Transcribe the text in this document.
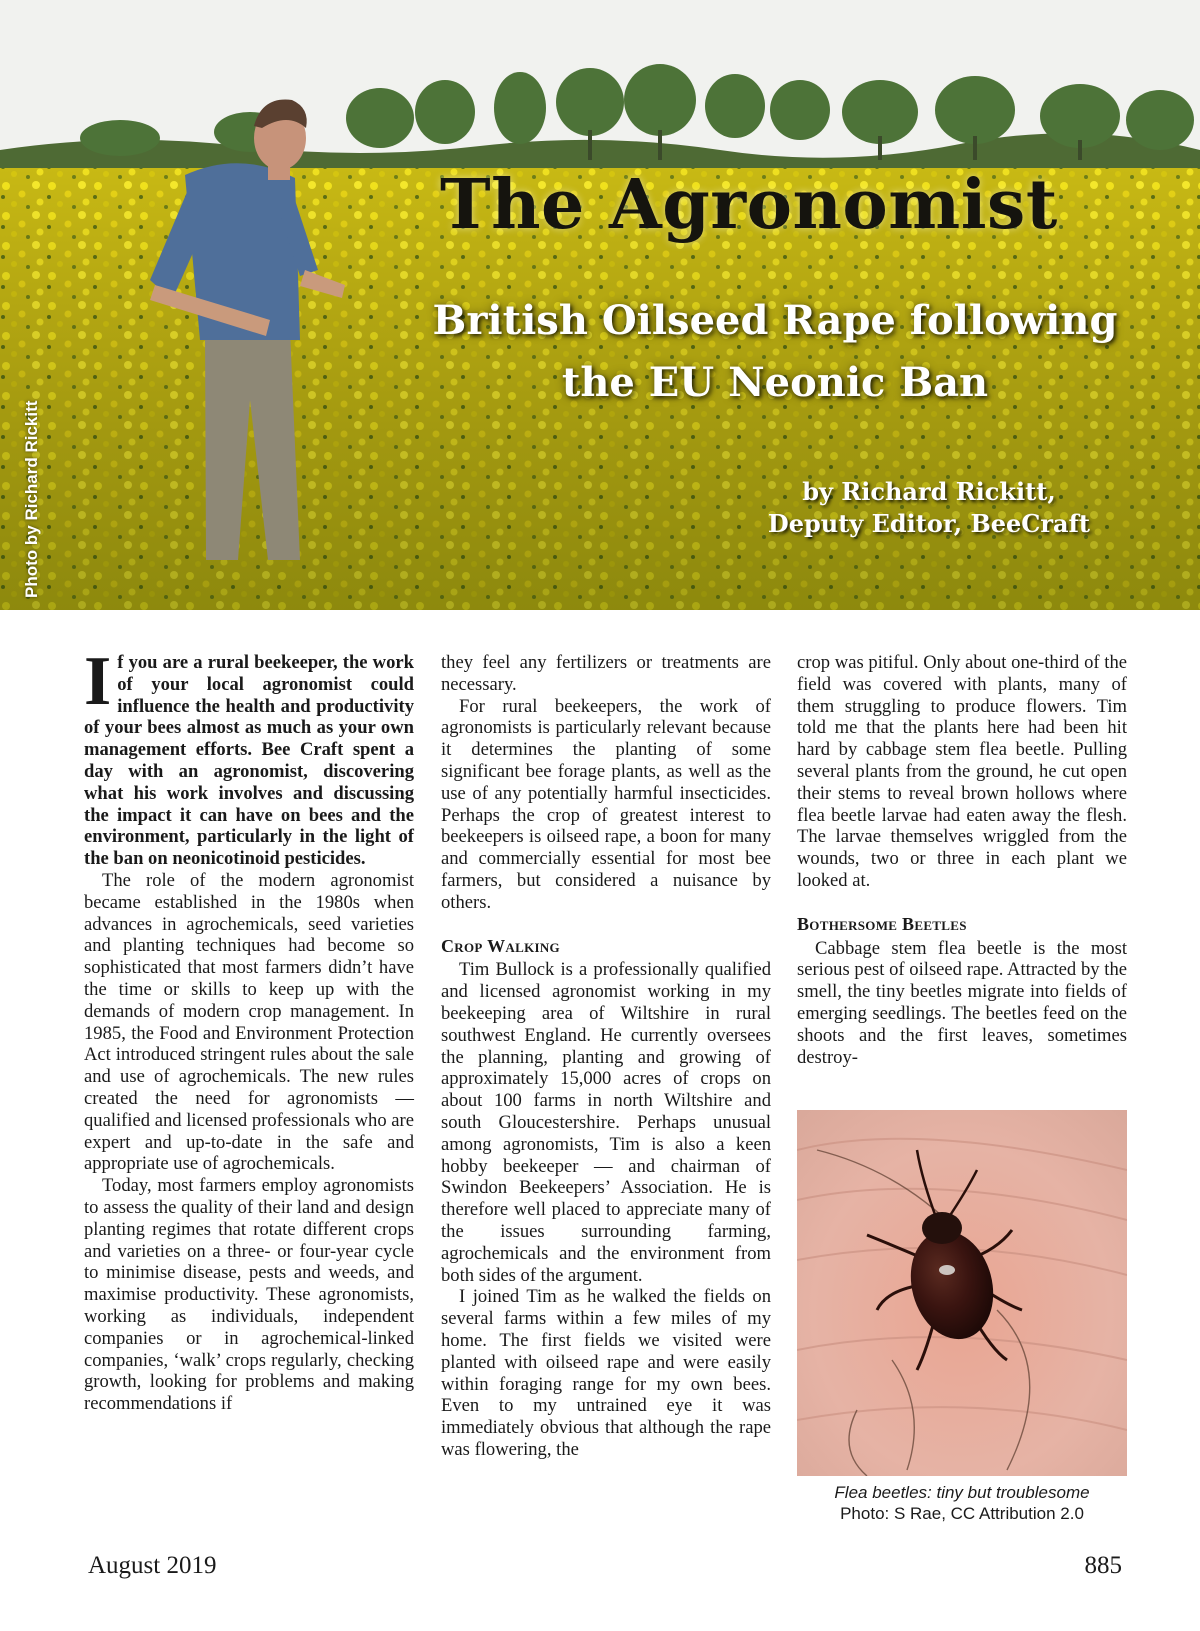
Photo by Richard Rickitt
The Agronomist
British Oilseed Rape following
the EU Neonic Ban
by Richard Rickitt,
Deputy Editor, BeeCraft

If you are a rural beekeeper, the work of your local agronomist could influence the health and productivity of your bees almost as much as your own management efforts. Bee Craft spent a day with an agronomist, discovering what his work involves and discussing the impact it can have on bees and the environment, particularly in the light of the ban on neonicotinoid pesticides.

The role of the modern agronomist became established in the 1980s when advances in agrochemicals, seed varieties and planting techniques had become so sophisticated that most farmers didn’t have the time or skills to keep up with the demands of modern crop management. In 1985, the Food and Environment Protection Act introduced stringent rules about the sale and use of agrochemicals. The new rules created the need for agronomists — qualified and licensed professionals who are expert and up-to-date in the safe and appropriate use of agrochemicals.

Today, most farmers employ agronomists to assess the quality of their land and design planting regimes that rotate different crops and varieties on a three- or four-year cycle to minimise disease, pests and weeds, and maximise productivity. These agronomists, working as individuals, independent companies or in agrochemical-linked companies, ‘walk’ crops regularly, checking growth, looking for problems and making recommendations if

they feel any fertilizers or treatments are necessary.

For rural beekeepers, the work of agronomists is particularly relevant because it determines the planting of some significant bee forage plants, as well as the use of any potentially harmful insecticides. Perhaps the crop of greatest interest to beekeepers is oilseed rape, a boon for many and commercially essential for most bee farmers, but considered a nuisance by others.

Crop Walking

Tim Bullock is a professionally qualified and licensed agronomist working in my beekeeping area of Wiltshire in rural southwest England. He currently oversees the planning, planting and growing of approximately 15,000 acres of crops on about 100 farms in north Wiltshire and south Gloucestershire. Perhaps unusual among agronomists, Tim is also a keen hobby beekeeper — and chairman of Swindon Beekeepers’ Association. He is therefore well placed to appreciate many of the issues surrounding farming, agrochemicals and the environment from both sides of the argument.

I joined Tim as he walked the fields on several farms within a few miles of my home. The first fields we visited were planted with oilseed rape and were easily within foraging range for my own bees. Even to my untrained eye it was immediately obvious that although the rape was flowering, the

crop was pitiful. Only about one-third of the field was covered with plants, many of them struggling to produce flowers. Tim told me that the plants here had been hit hard by cabbage stem flea beetle. Pulling several plants from the ground, he cut open their stems to reveal brown hollows where flea beetle larvae had eaten away the flesh. The larvae themselves wriggled from the wounds, two or three in each plant we looked at.

Bothersome Beetles

Cabbage stem flea beetle is the most serious pest of oilseed rape. Attracted by the smell, the tiny beetles migrate into fields of emerging seedlings. The beetles feed on the shoots and the first leaves, sometimes destroy-

Flea beetles: tiny but troublesome
Photo: S Rae, CC Attribution 2.0
August 2019	885
